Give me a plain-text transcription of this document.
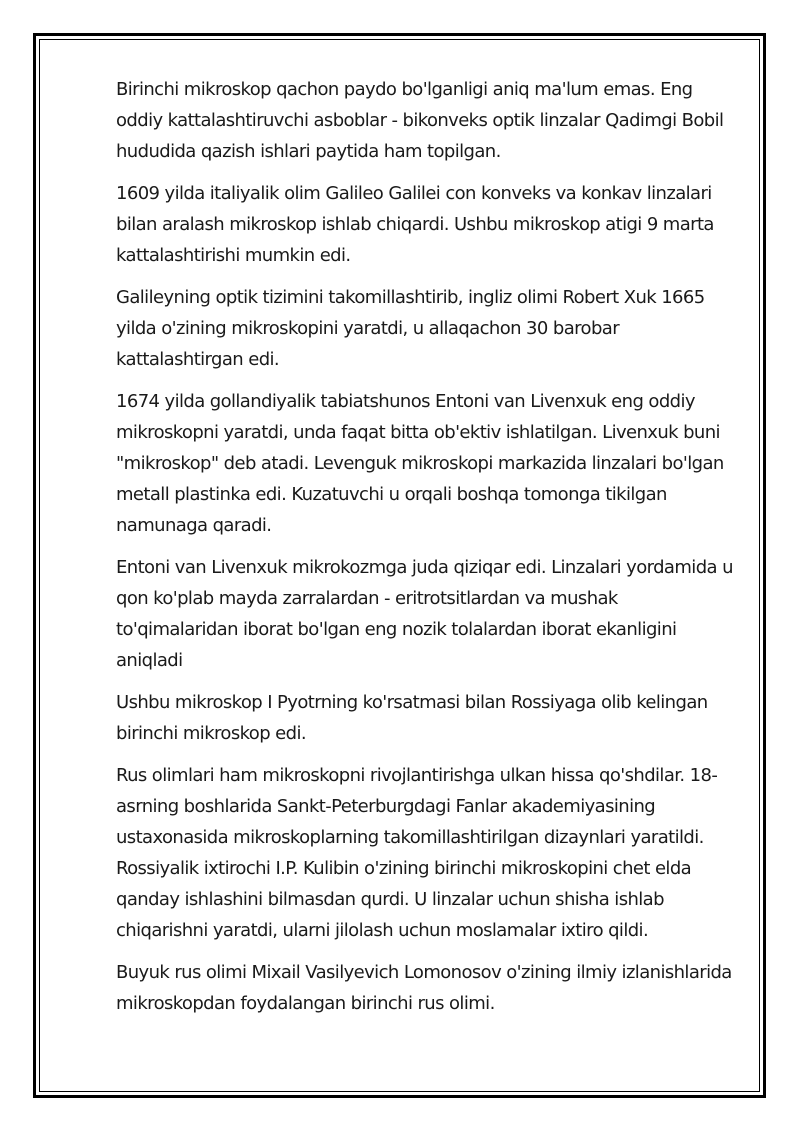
Birinchi mikroskop qachon paydo bo'lganligi aniq ma'lum emas. Eng oddiy kattalashtiruvchi asboblar - bikonveks optik linzalar Qadimgi Bobil hududida qazish ishlari paytida ham topilgan.

1609 yilda italiyalik olim Galileo Galilei con konveks va konkav linzalari bilan aralash mikroskop ishlab chiqardi. Ushbu mikroskop atigi 9 marta kattalashtirishi mumkin edi.

Galileyning optik tizimini takomillashtirib, ingliz olimi Robert Xuk 1665 yilda o'zining mikroskopini yaratdi, u allaqachon 30 barobar kattalashtirgan edi.

1674 yilda gollandiyalik tabiatshunos Entoni van Livenxuk eng oddiy mikroskopni yaratdi, unda faqat bitta ob'ektiv ishlatilgan. Livenxuk buni "mikroskop" deb atadi. Levenguk mikroskopi markazida linzalari bo'lgan metall plastinka edi. Kuzatuvchi u orqali boshqa tomonga tikilgan namunaga qaradi.

Entoni van Livenxuk mikrokozmga juda qiziqar edi. Linzalari yordamida u qon ko'plab mayda zarralardan - eritrotsitlardan va mushak to'qimalaridan iborat bo'lgan eng nozik tolalardan iborat ekanligini aniqladi

Ushbu mikroskop I Pyotrning ko'rsatmasi bilan Rossiyaga olib kelingan birinchi mikroskop edi.

Rus olimlari ham mikroskopni rivojlantirishga ulkan hissa qo'shdilar. 18-asrning boshlarida Sankt-Peterburgdagi Fanlar akademiyasining ustaxonasida mikroskoplarning takomillashtirilgan dizaynlari yaratildi. Rossiyalik ixtirochi I.P. Kulibin o'zining birinchi mikroskopini chet elda qanday ishlashini bilmasdan qurdi. U linzalar uchun shisha ishlab chiqarishni yaratdi, ularni jilolash uchun moslamalar ixtiro qildi.

Buyuk rus olimi Mixail Vasilyevich Lomonosov o'zining ilmiy izlanishlarida mikroskopdan foydalangan birinchi rus olimi.
